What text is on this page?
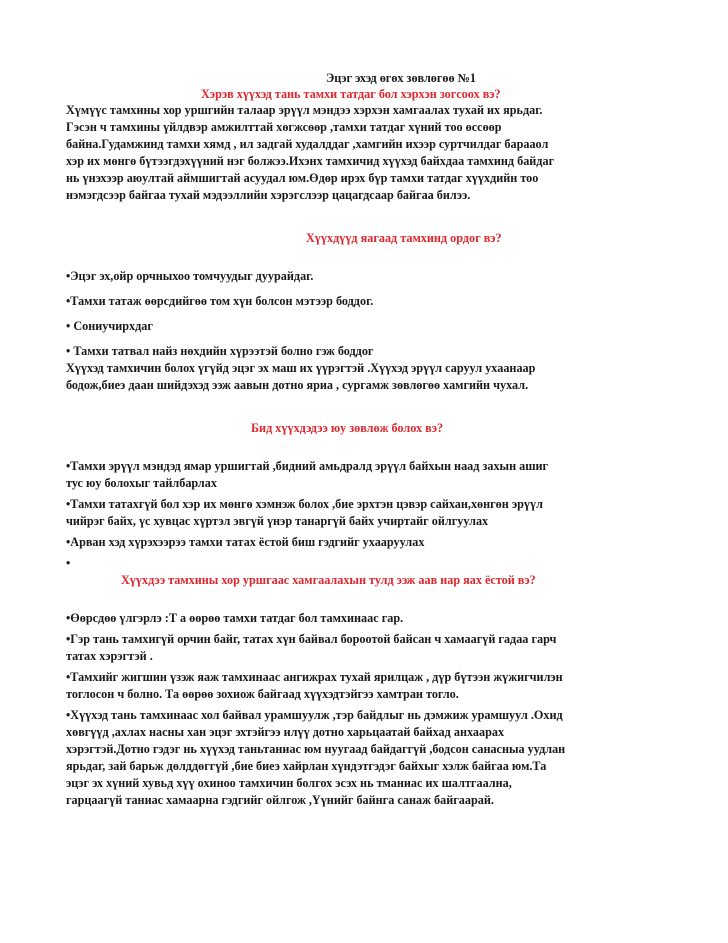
Эцэг эхэд өгөх зөвлөгөө №1
Хэрэв хүүхэд тань тамхи татдаг бол хэрхэн зогсоох вэ?
Хүмүүс тамхины хор уршгийн талаар эрүүл мэндээ хэрхэн хамгаалах тухай их ярьдаг.
Гэсэн ч тамхины үйлдвэр амжилттай хөгжсөөр ,тамхи татдаг хүний тоо өссөөр
байна.Гудамжинд тамхи хямд , ил задгай худалддаг ,хамгийн ихээр суртчилдаг барааол
хэр их мөнгө бүтээгдэхүүний нэг болжээ.Ихэнх тамхичид хүүхэд байхдаа тамхинд байдаг
нь үнэхээр аюултай аймшигтай асуудал юм.Өдөр ирэх бүр тамхи татдаг хүүхдийн тоо
нэмэгдсээр байгаа тухай мэдээллийн хэрэгслээр цацагдсаар байгаа билээ.
Хүүхдүүд яагаад тамхинд ордог вэ?
•Эцэг эх,ойр орчныхоо томчуудыг дуурайдаг.
•Тамхи татаж өөрсдийгөө том хүн болсон мэтээр боддог.
• Сониучирхдаг
• Тамхи татвал найз нөхдийн хүрээтэй болно гэж боддог
Хүүхэд тамхичин болох үгүйд эцэг эх маш их үүрэгтэй .Хүүхэд эрүүл саруул ухаанаар
бодож,биеэ даан шийдэхэд ээж аавын дотно яриа , сургамж зөвлөгөө хамгийн чухал.
Бид хүүхдэдээ юу зөвлөж болох вэ?
•Тамхи эрүүл мэндэд ямар уршигтай ,бидний амьдралд эрүүл байхын наад захын ашиг
тус юу болохыг тайлбарлах
•Тамхи татахгүй бол хэр их мөнгө хэмнэж болох ,бие эрхтэн цэвэр сайхан,хөнгөн эрүүл
чийрэг байх, үс хувцас хүртэл эвгүй үнэр танаргүй байх учиртайг ойлгуулах
•Арван хэд хүрэхээрээ тамхи татах ёстой биш гэдгийг ухааруулах
•
Хүүхдээ тамхины хор уршгаас хамгаалахын тулд ээж аав нар яах ёстой вэ?
•Өөрсдөө үлгэрлэ :Т а өөрөө тамхи татдаг бол тамхинаас гар.
•Гэр тань тамхигүй орчин байг, татах хүн байвал бороотой байсан ч хамаагүй гадаа гарч
татах хэрэгтэй .
•Тамхийг жигшин үзэж яаж тамхинаас ангижрах тухай ярилцаж , дүр бүтээн жүжигчилэн
тоглосон ч болно. Та өөрөө зохиож байгаад хүүхэдтэйгээ хамтран тогло.
•Хүүхэд тань тамхинаас хол байвал урамшуулж ,тэр байдлыг нь дэмжиж урамшуул .Охид
хөвгүүд ,ахлах насны хан эцэг эхтэйгээ илүү дотно харьцаатай байхад анхаарах
хэрэгтэй.Дотно гэдэг нь хүүхэд таньтаниас юм нуугаад байдаггүй ,бодсон санасныа уудлан
ярьдаг, зай барьж дөлддөггүй ,бие биеэ хайрлан хүндэтгэдэг байхыг хэлж байгаа юм.Та
эцэг эх хүний хувьд хүү охиноо тамхичин болгох эсэх нь тманиас их шалтгаална,
гарцаагүй таниас хамаарна гэдгийг ойлгож ,Үүнийг байнга санаж байгаарай.
